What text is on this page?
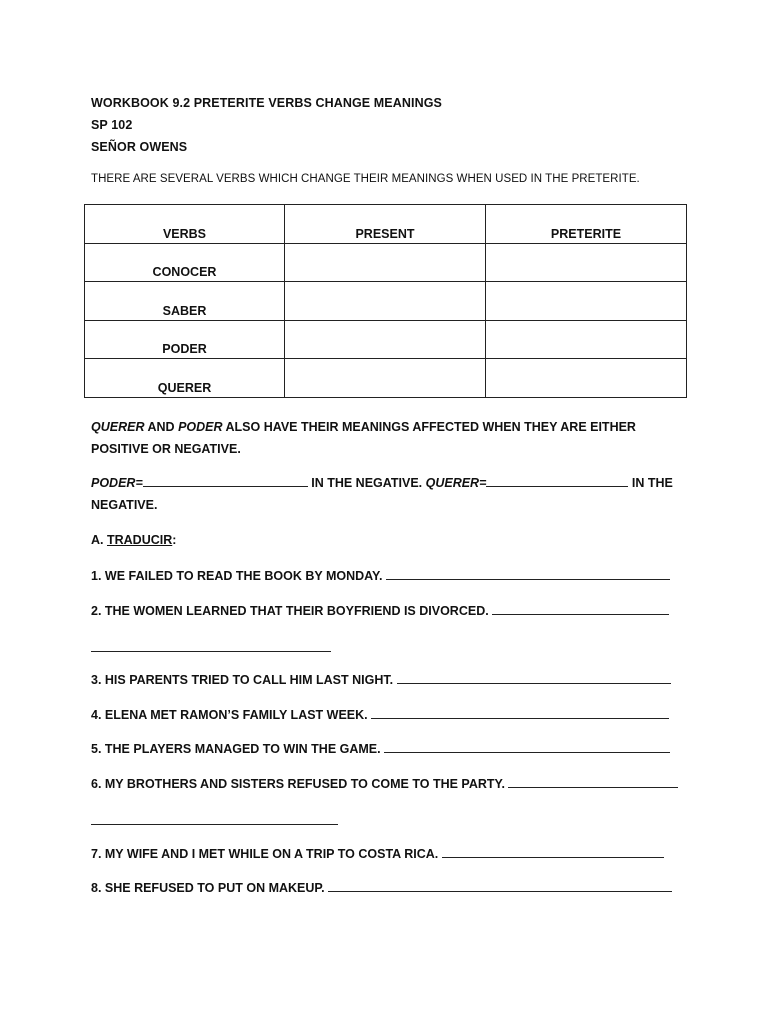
WORKBOOK 9.2 PRETERITE VERBS CHANGE MEANINGS
SP 102
SEÑOR OWENS
THERE ARE SEVERAL VERBS WHICH CHANGE THEIR MEANINGS WHEN USED IN THE PRETERITE.
VERBS	PRESENT	PRETERITE
CONOCER		
SABER		
PODER		
QUERER		
QUERER AND PODER ALSO HAVE THEIR MEANINGS AFFECTED WHEN THEY ARE EITHER POSITIVE OR NEGATIVE.
PODER=	IN THE NEGATIVE. QUERER=	IN THE NEGATIVE.
A. TRADUCIR:
1. WE FAILED TO READ THE BOOK BY MONDAY.
2. THE WOMEN LEARNED THAT THEIR BOYFRIEND IS DIVORCED.
3. HIS PARENTS TRIED TO CALL HIM LAST NIGHT.
4. ELENA MET RAMON’S FAMILY LAST WEEK.
5. THE PLAYERS MANAGED TO WIN THE GAME.
6. MY BROTHERS AND SISTERS REFUSED TO COME TO THE PARTY.
7. MY WIFE AND I MET WHILE ON A TRIP TO COSTA RICA.
8. SHE REFUSED TO PUT ON MAKEUP.
